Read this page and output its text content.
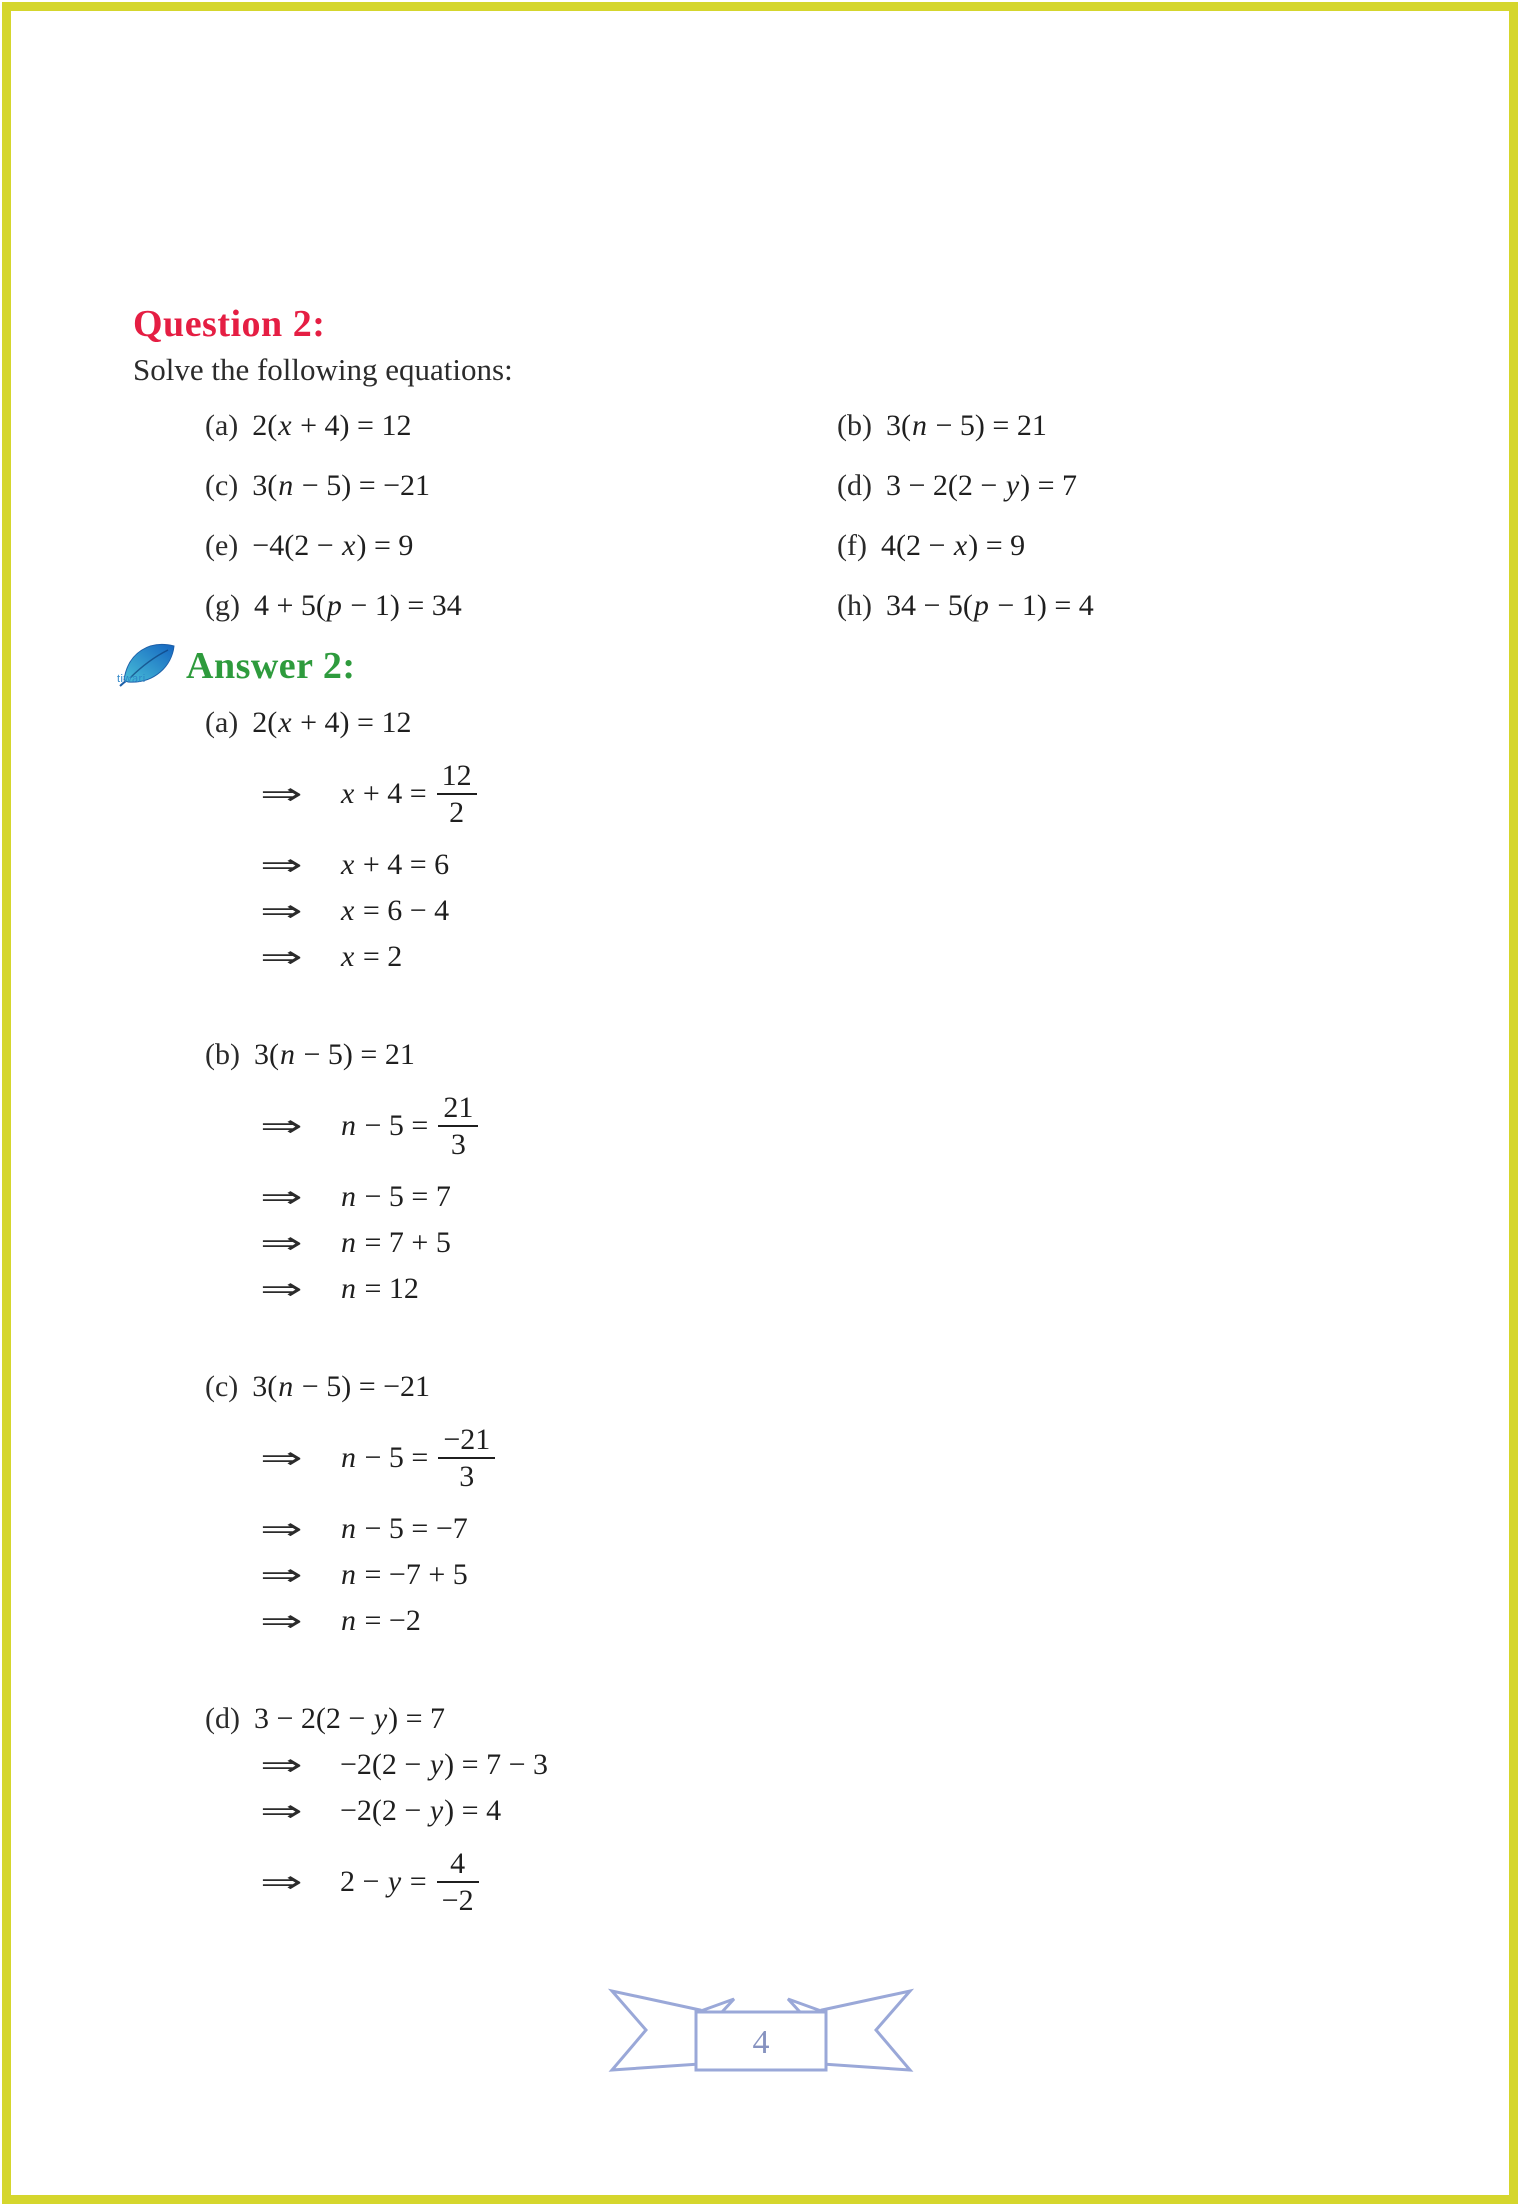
Question 2:

Solve the following equations:

(a) 2(x + 4) = 12	(b) 3(n − 5) = 21
(c) 3(n − 5) = −21	(d) 3 − 2(2 − y) = 7
(e) −4(2 − x) = 9	(f) 4(2 − x) = 9
(g) 4 + 5(p − 1) = 34	(h) 34 − 5(p − 1) = 4
tiwari Answer 2:
(a) 2(x + 4) = 12
⇒	$x + 4 = \frac{12}{2}$
⇒	x + 4 = 6
⇒	x = 6 − 4
⇒	x = 2
(b) 3(n − 5) = 21
⇒	$n - 5 = \frac{21}{3}$
⇒	n − 5 = 7
⇒	n = 7 + 5
⇒	n = 12
(c) 3(n − 5) = −21
⇒	$n - 5 = \frac{-21}{3}$
⇒	n − 5 = −7
⇒	n = −7 + 5
⇒	n = −2
(d) 3 − 2(2 − y) = 7
⇒	−2(2 − y) = 7 − 3
⇒	−2(2 − y) = 4
⇒	$2 - y = \frac{4}{-2}$
4
